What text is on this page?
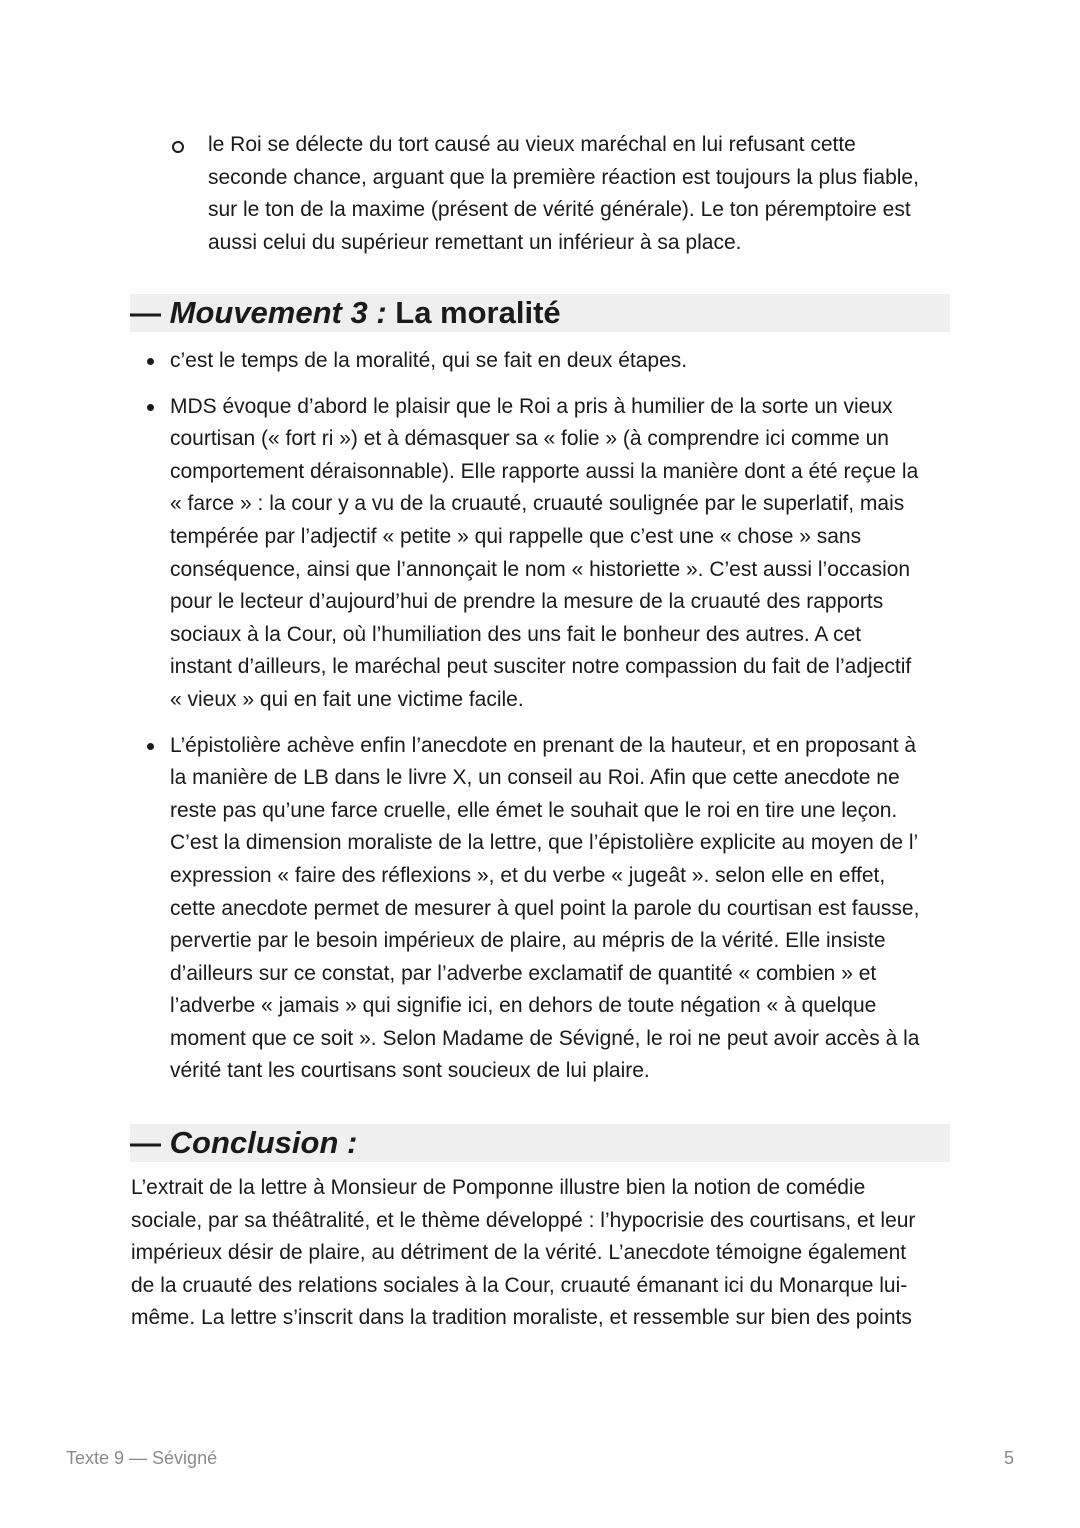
le Roi se délecte du tort causé au vieux maréchal en lui refusant cette
seconde chance, arguant que la première réaction est toujours la plus fiable,
sur le ton de la maxime (présent de vérité générale). Le ton péremptoire est
aussi celui du supérieur remettant un inférieur à sa place.
— Mouvement 3 : La moralité
c’est le temps de la moralité, qui se fait en deux étapes.
MDS évoque d’abord le plaisir que le Roi a pris à humilier de la sorte un vieux
courtisan (« fort ri ») et à démasquer sa « folie » (à comprendre ici comme un
comportement déraisonnable). Elle rapporte aussi la manière dont a été reçue la
« farce » : la cour y a vu de la cruauté, cruauté soulignée par le superlatif, mais
tempérée par l’adjectif « petite » qui rappelle que c’est une « chose » sans
conséquence, ainsi que l’annonçait le nom « historiette ». C’est aussi l’occasion
pour le lecteur d’aujourd’hui de prendre la mesure de la cruauté des rapports
sociaux à la Cour, où l’humiliation des uns fait le bonheur des autres. A cet
instant d’ailleurs, le maréchal peut susciter notre compassion du fait de l’adjectif
« vieux » qui en fait une victime facile.
L’épistolière achève enfin l’anecdote en prenant de la hauteur, et en proposant à
la manière de LB dans le livre X, un conseil au Roi. Afin que cette anecdote ne
reste pas qu’une farce cruelle, elle émet le souhait que le roi en tire une leçon.
C’est la dimension moraliste de la lettre, que l’épistolière explicite au moyen de l’
expression « faire des réflexions », et du verbe « jugeât ». selon elle en effet,
cette anecdote permet de mesurer à quel point la parole du courtisan est fausse,
pervertie par le besoin impérieux de plaire, au mépris de la vérité. Elle insiste
d’ailleurs sur ce constat, par l’adverbe exclamatif de quantité « combien » et
l’adverbe « jamais » qui signifie ici, en dehors de toute négation « à quelque
moment que ce soit ». Selon Madame de Sévigné, le roi ne peut avoir accès à la
vérité tant les courtisans sont soucieux de lui plaire.
— Conclusion :

L’extrait de la lettre à Monsieur de Pomponne illustre bien la notion de comédie
sociale, par sa théâtralité, et le thème développé : l’hypocrisie des courtisans, et leur
impérieux désir de plaire, au détriment de la vérité. L’anecdote témoigne également
de la cruauté des relations sociales à la Cour, cruauté émanant ici du Monarque lui-
même. La lettre s’inscrit dans la tradition moraliste, et ressemble sur bien des points

Texte 9 — Sévigné	5
